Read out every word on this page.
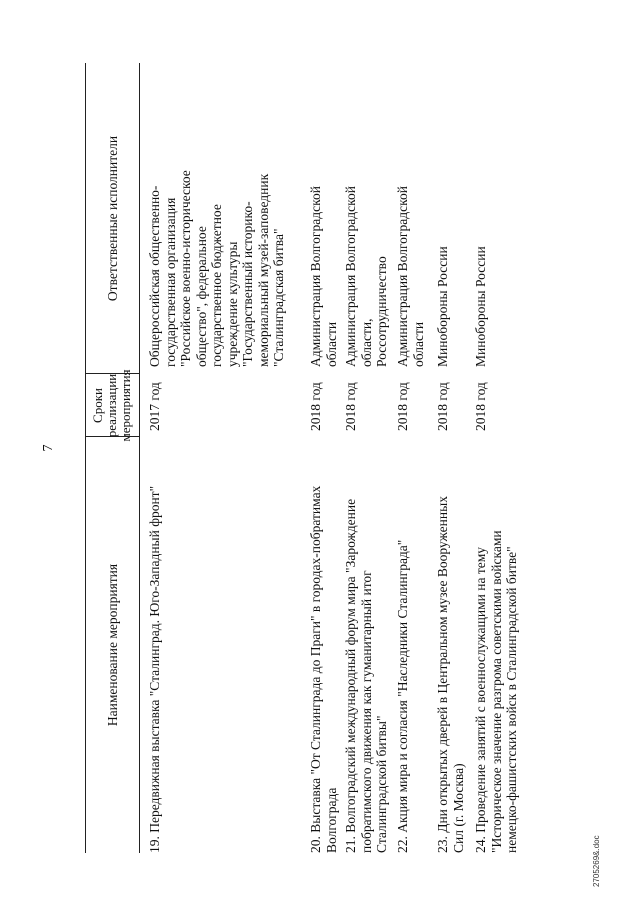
7
Наименование мероприятия
Сроки реализации мероприятия
Ответственные исполнители
19. Передвижная выставка "Сталинград. Юго-Западный фронт"
2017 год
Общероссийская общественно- государственная организация "Российское военно-историческое общество", федеральное государственное бюджетное учреждение культуры "Государственный историко- мемориальный музей-заповедник "Сталинградская битва"
20. Выставка "От Сталинграда до Праги" в городах-побратимах Волгограда
2018 год
Администрация Волгоградской области
21. Волгоградский международный форум мира "Зарождение побратимского движения как гуманитарный итог Сталинградской битвы"
2018 год
Администрация Волгоградской области, Россотрудничество
22. Акция мира и согласия "Наследники Сталинграда"
2018 год
Администрация Волгоградской области
23. Дни открытых дверей в Центральном музее Вооруженных Сил (г. Москва)
2018 год
Минобороны России
24. Проведение занятий с военнослужащими на тему "Историческое значение разгрома советскими войсками немецко-фашистских войск в Сталинградской битве"
2018 год
Минобороны России
2705269&.doc
